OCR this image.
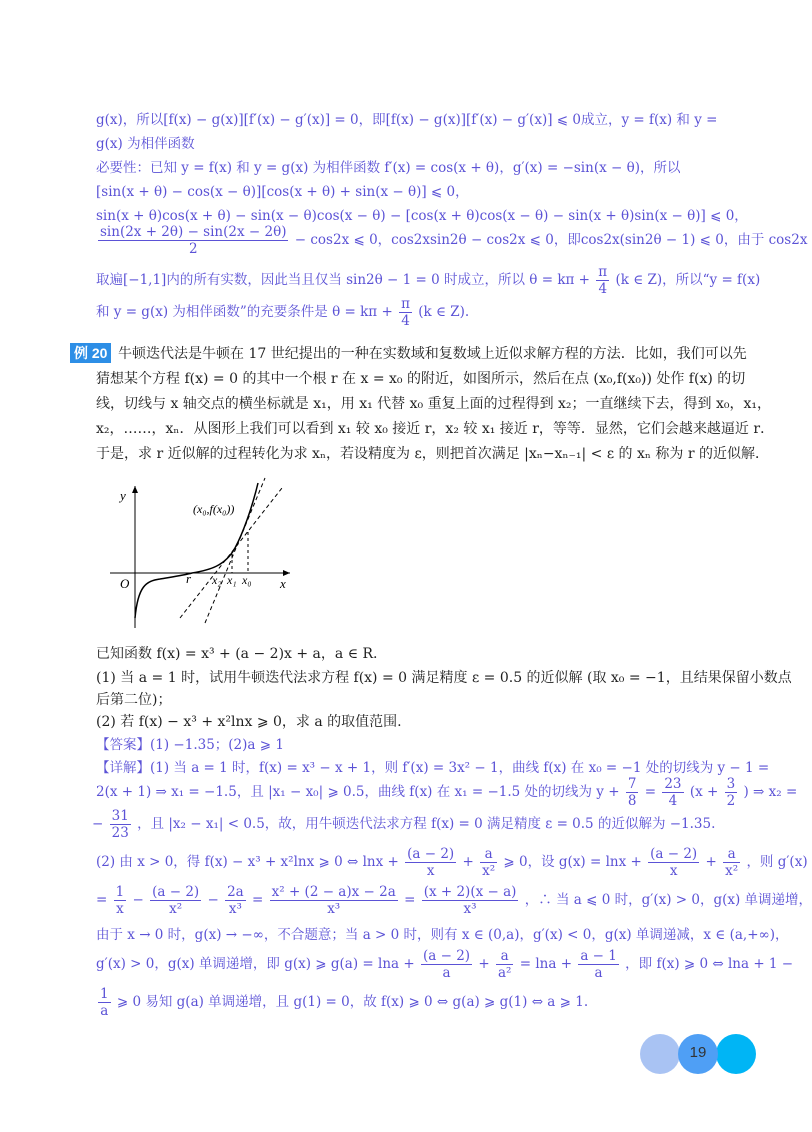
g(x)，所以[f(x) − g(x)][f′(x) − g′(x)] = 0，即[f(x) − g(x)][f′(x) − g′(x)] ⩽ 0成立，y = f(x) 和 y =
g(x) 为相伴函数
必要性：已知 y = f(x) 和 y = g(x) 为相伴函数 f′(x) = cos(x + θ)，g′(x) = −sin(x − θ)，所以
[sin(x + θ) − cos(x − θ)][cos(x + θ) + sin(x − θ)] ⩽ 0，
sin(x + θ)cos(x + θ) − sin(x − θ)cos(x − θ) − [cos(x + θ)cos(x − θ) − sin(x + θ)sin(x − θ)] ⩽ 0，
$\frac{\sin(2x + 2\theta) - \sin(2x - 2\theta)}{2} - \cos 2x$ ⩽ 0，cos2xsin2θ − cos2x ⩽ 0，即cos2x(sin2θ − 1) ⩽ 0，由于 cos2x
取遍[−1,1]内的所有实数，因此当且仅当 sin2θ − 1 = 0 时成立，所以 $\theta = k\pi + \frac{\pi}{4} (k$ ∈ Z)，所以“y = f(x)
和 y = g(x) 为相伴函数”的充要条件是 $\theta = k\pi + \frac{\pi}{4} (k$ ∈ Z).
例 20 牛顿迭代法是牛顿在 17 世纪提出的一种在实数域和复数域上近似求解方程的方法．比如，我们可以先
猜想某个方程 f(x) = 0 的其中一个根 r 在 x = x₀ 的附近，如图所示，然后在点 (x₀,f(x₀)) 处作 f(x) 的切
线，切线与 x 轴交点的横坐标就是 x₁，用 x₁ 代替 x₀ 重复上面的过程得到 x₂；一直继续下去，得到 x₀，x₁，
x₂，……，xₙ．从图形上我们可以看到 x₁ 较 x₀ 接近 r，x₂ 较 x₁ 接近 r，等等．显然，它们会越来越逼近 r．
于是，求 r 近似解的过程转化为求 xₙ，若设精度为 ε，则把首次满足 |xₙ−xₙ₋₁| < ε 的 xₙ 称为 r 的近似解．
y
x
O	r x₂ x₁ x₀
(x₀,f(x₀))
已知函数 f(x) = x³ + (a − 2)x + a，a ∈ R.
(1) 当 a = 1 时，试用牛顿迭代法求方程 f(x) = 0 满足精度 ε = 0.5 的近似解 (取 x₀ = −1，且结果保留小数点
后第二位)；
(2) 若 f(x) − x³ + x²lnx ⩾ 0，求 a 的取值范围.
【答案】(1) −1.35；(2)a ⩾ 1
【详解】(1) 当 a = 1 时，f(x) = x³ − x + 1，则 f′(x) = 3x² − 1，曲线 f(x) 在 x₀ = −1 处的切线为 y − 1 =
2(x + 1) ⇒ x₁ = −1.5，且 |x₁ − x₀| ⩾ 0.5，曲线 f(x) 在 x₁ = −1.5 处的切线为 $y + \frac{7}{8} = \frac{23}{4} (x + \frac{3}{2}$ ) ⇒ x₂ =
− $\frac{31}{23}$ ，且 |x₂ − x₁| < 0.5，故，用牛顿迭代法求方程 f(x) = 0 满足精度 ε = 0.5 的近似解为 −1.35.
(2) 由 x > 0，得 f(x) − x³ + x²lnx ⩾ 0 ⇔ $\ln x + \frac{(a - 2)}{x} + \frac{a}{\text{x²}}$ ⩾ 0，设 $g(x) = \ln x + \frac{(a - 2)}{x} + \frac{a}{\text{x²}}$ ，则 g′(x)
= $\frac{1}{x} - \frac{(a - 2)}{\text{x²}} - \frac{2a}{\text{x³}} = \frac{\text{x² + (2 − a)x − 2a}}{\text{x³}} = \frac{(x + 2)(x - a)}{\text{x³}}$ ，∴ 当 a ⩽ 0 时，g′(x) > 0，g(x) 单调递增，
由于 x → 0 时，g(x) → −∞，不合题意；当 a > 0 时，则有 x ∈ (0,a)，g′(x) < 0，g(x) 单调递减，x ∈ (a,+∞)，
g′(x) > 0，g(x) 单调递增，即 g(x) ⩾ $g(a) = \ln a + \frac{(a - 2)}{a} + \frac{a}{\text{a²}} = \ln a + \frac{a - 1}{a}$ ，即 f(x) ⩾ 0 ⇔ lna + 1 −
$\frac{1}{a}$ ⩾ 0 易知 g(a) 单调递增，且 g(1) = 0，故 f(x) ⩾ 0 ⇔ g(a) ⩾ g(1) ⇔ a ⩾ 1.
19
